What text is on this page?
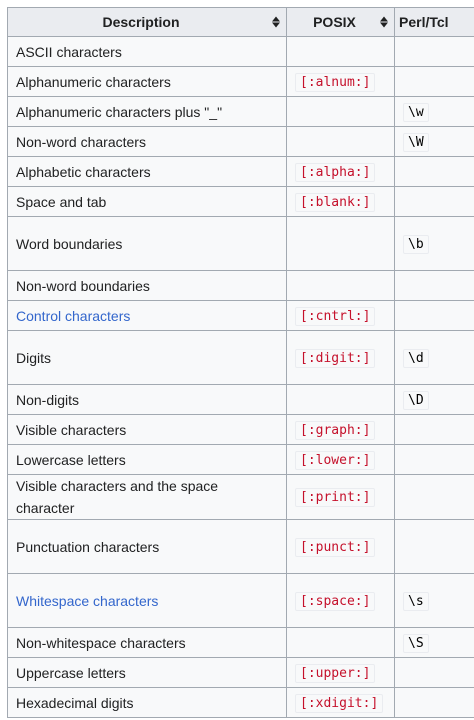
Description	POSIX	Perl/Tcl
ASCII characters		
Alphanumeric characters	[:alnum:]	
Alphanumeric characters plus "_"		\w
Non-word characters		\W
Alphabetic characters	[:alpha:]	
Space and tab	[:blank:]	
Word boundaries		\b
Non-word boundaries		
Control characters	[:cntrl:]	
Digits	[:digit:]	\d
Non-digits		\D
Visible characters	[:graph:]	
Lowercase letters	[:lower:]	
Visible characters and the space character	[:print:]	
Punctuation characters	[:punct:]	
Whitespace characters	[:space:]	\s
Non-whitespace characters		\S
Uppercase letters	[:upper:]	
Hexadecimal digits	[:xdigit:]	
